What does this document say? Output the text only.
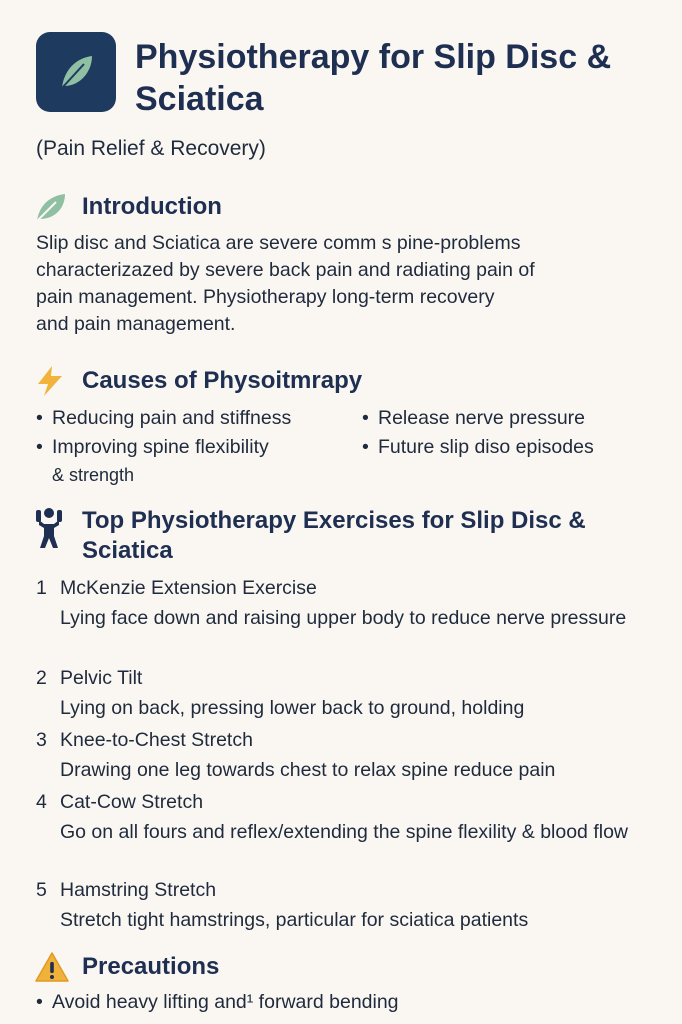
Physiotherapy for Slip Disc & Sciatica
(Pain Relief & Recovery)
Introduction

Slip disc and Sciatica are severe comm s pine-problems

characterizazed by severe back pain and radiating pain of

pain management. Physiotherapy long-term recovery

and pain management.

Causes of Physoitmrapy
• Reducing pain and stiffness	• Release nerve pressure
• Improving spine flexibility	• Future slip diso episodes
& strength
Top Physiotherapy Exercises for Slip Disc & Sciatica
1 McKenzie Extension Exercise
Lying face down and raising upper body to reduce nerve pressure
2 Pelvic Tilt
Lying on back, pressing lower back to ground, holding
3 Knee-to-Chest Stretch
Drawing one leg towards chest to relax spine reduce pain
4 Cat-Cow Stretch
Go on all fours and reflex/extending the spine flexility & blood flow
5 Hamstring Stretch
Stretch tight hamstrings, particular for sciatica patients
Precautions
• Avoid heavy lifting and¹ forward bending
